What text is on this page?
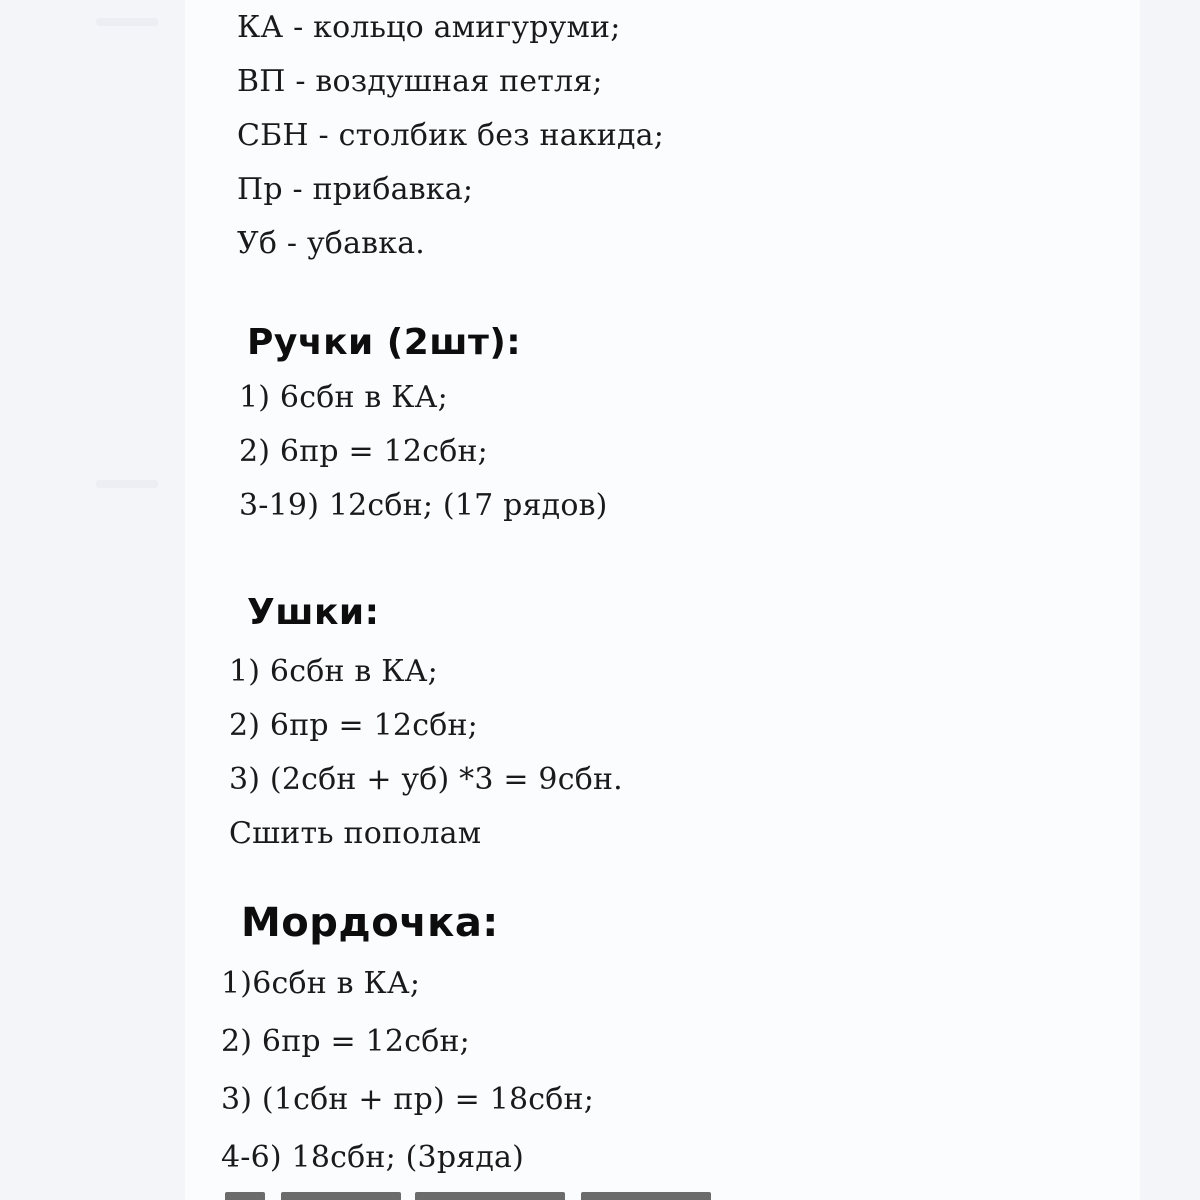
КА - кольцо амигуруми;
ВП - воздушная петля;
СБН - столбик без накида;
Пр - прибавка;
Уб - убавка.
Ручки (2шт):
1) 6сбн в КА;
2) 6пр = 12сбн;
3-19) 12сбн; (17 рядов)
Ушки:
1) 6сбн в КА;
2) 6пр = 12сбн;
3) (2сбн + уб) *3 = 9сбн.
Сшить пополам
Мордочка:
1)6сбн в КА;
2) 6пр = 12сбн;
3) (1сбн + пр) = 18сбн;
4-6) 18сбн; (3ряда)
